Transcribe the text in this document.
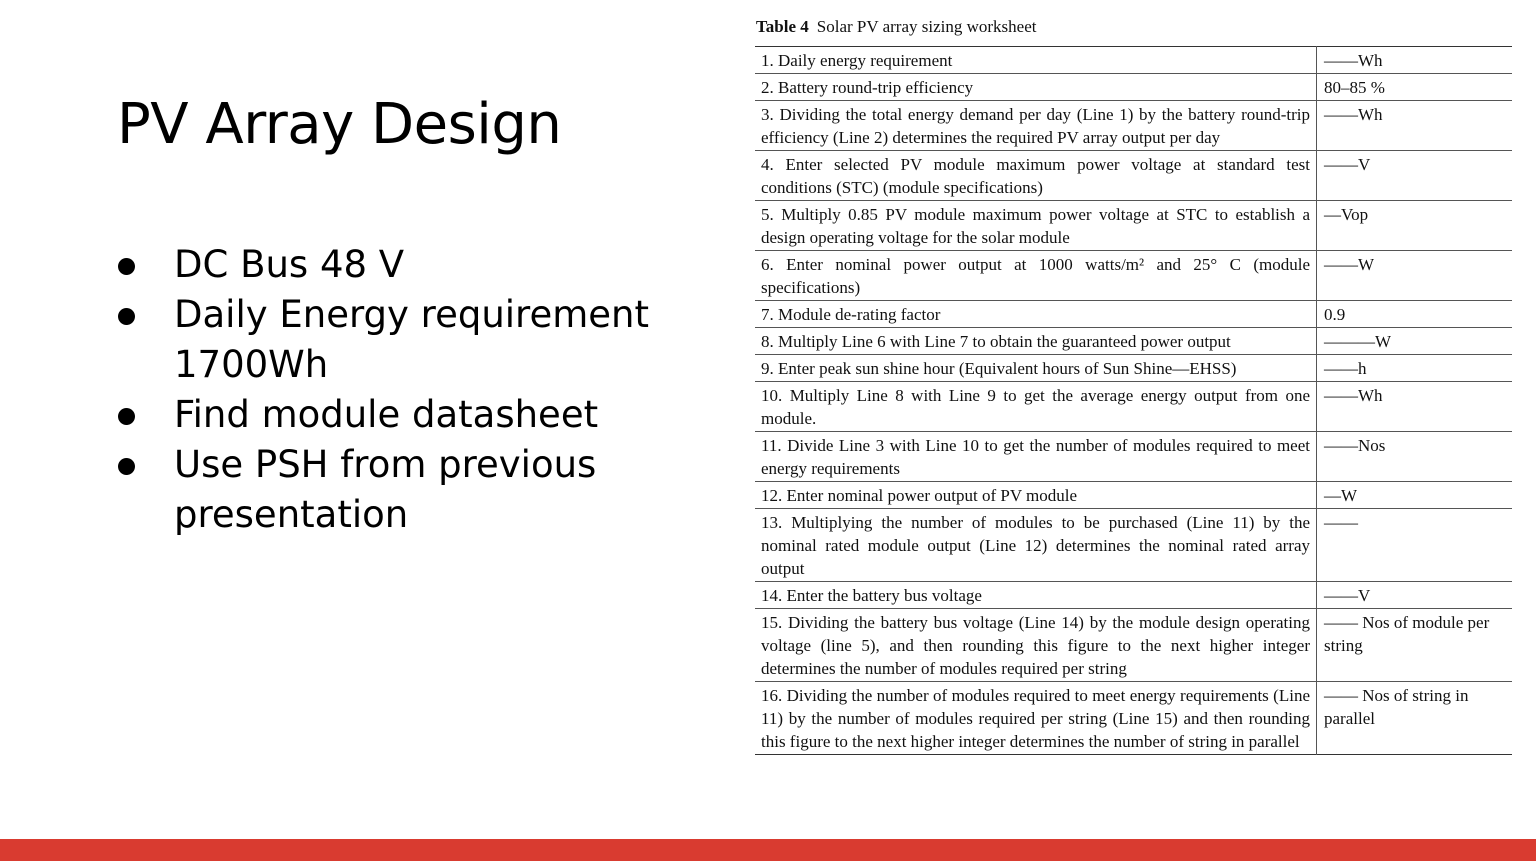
PV Array Design
DC Bus 48 V
Daily Energy requirement 1700Wh
Find module datasheet
Use PSH from previous presentation
Table 4 Solar PV array sizing worksheet
1. Daily energy requirement	——Wh
2. Battery round-trip efficiency	80–85 %
3. Dividing the total energy demand per day (Line 1) by the battery round-trip efficiency (Line 2) determines the required PV array output per day	——Wh
4. Enter selected PV module maximum power voltage at standard test conditions (STC) (module specifications)	——V
5. Multiply 0.85 PV module maximum power voltage at STC to establish a design operating voltage for the solar module	—Vop
6. Enter nominal power output at 1000 watts/m² and 25° C (module specifications)	——W
7. Module de-rating factor	0.9
8. Multiply Line 6 with Line 7 to obtain the guaranteed power output	———W
9. Enter peak sun shine hour (Equivalent hours of Sun Shine—EHSS)	——h
10. Multiply Line 8 with Line 9 to get the average energy output from one module.	——Wh
11. Divide Line 3 with Line 10 to get the number of modules required to meet energy requirements	——Nos
12. Enter nominal power output of PV module	—W
13. Multiplying the number of modules to be purchased (Line 11) by the nominal rated module output (Line 12) determines the nominal rated array output	——
14. Enter the battery bus voltage	——V
15. Dividing the battery bus voltage (Line 14) by the module design operating voltage (line 5), and then rounding this figure to the next higher integer determines the number of modules required per string	—— Nos of module per string
16. Dividing the number of modules required to meet energy requirements (Line 11) by the number of modules required per string (Line 15) and then rounding this figure to the next higher integer determines the number of string in parallel	—— Nos of string in parallel
